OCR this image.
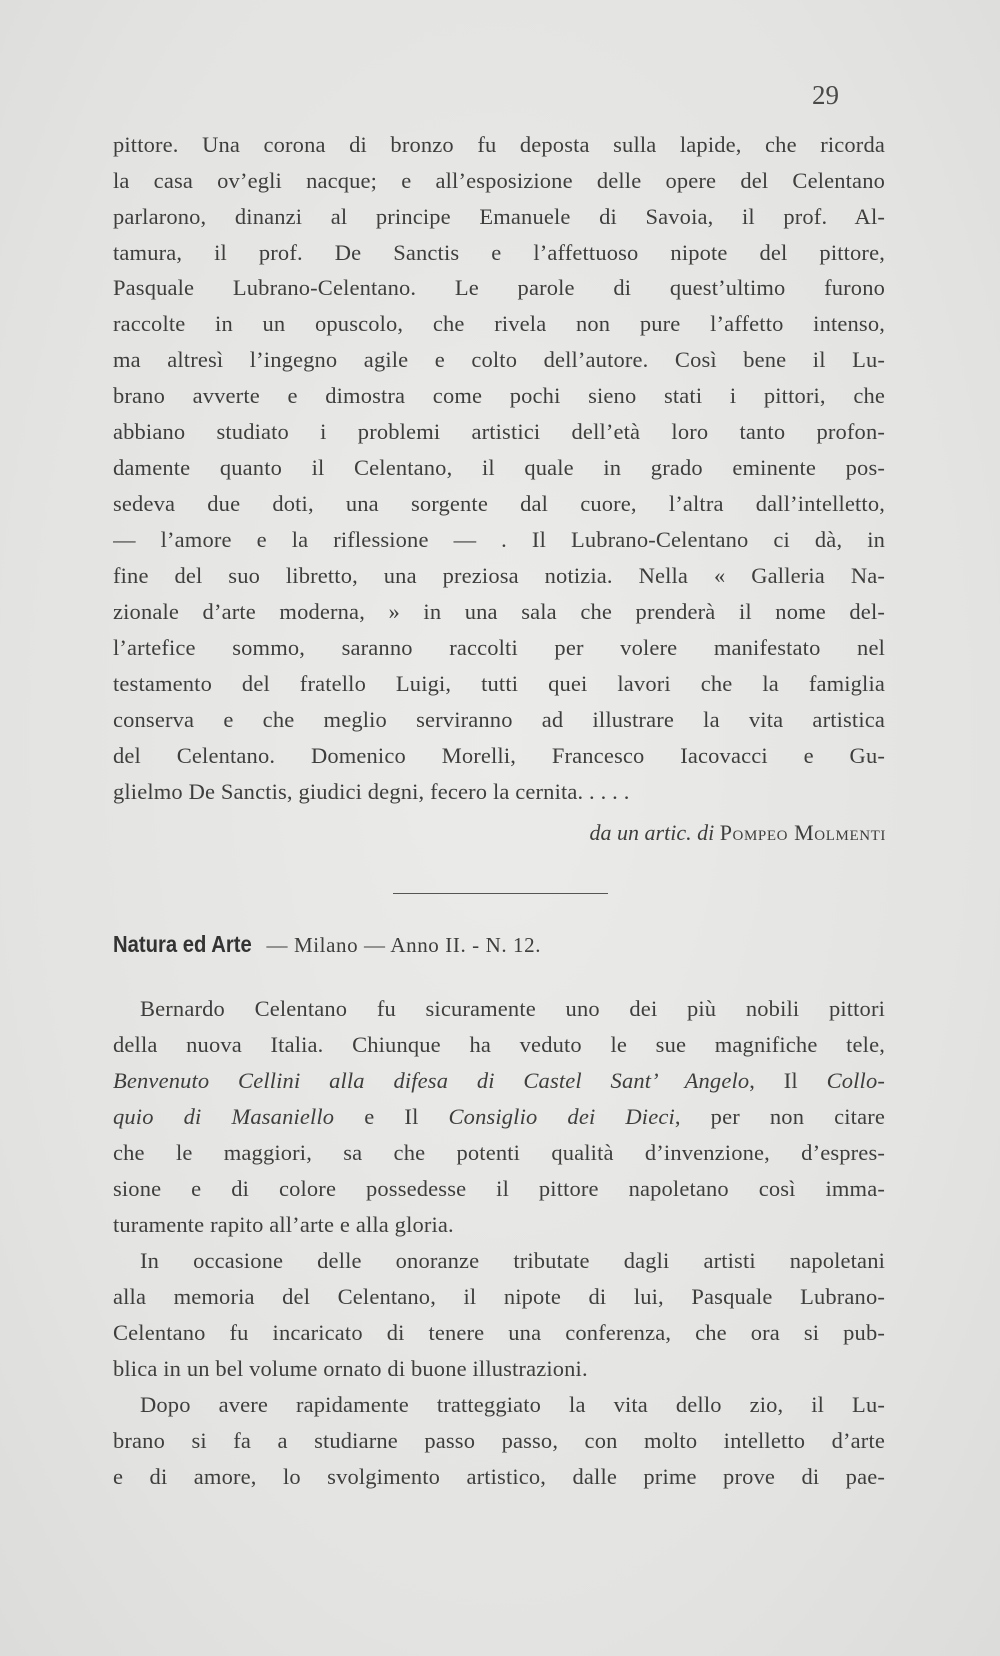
29
pittore. Una corona di bronzo fu deposta sulla lapide, che ricorda
la casa ov’egli nacque; e all’esposizione delle opere del Celentano
parlarono, dinanzi al principe Emanuele di Savoia, il prof. Al-
tamura, il prof. De Sanctis e l’affettuoso nipote del pittore,
Pasquale Lubrano-Celentano. Le parole di quest’ultimo furono
raccolte in un opuscolo, che rivela non pure l’affetto intenso,
ma altresì l’ingegno agile e colto dell’autore. Così bene il Lu-
brano avverte e dimostra come pochi sieno stati i pittori, che
abbiano studiato i problemi artistici dell’età loro tanto profon-
damente quanto il Celentano, il quale in grado eminente pos-
sedeva due doti, una sorgente dal cuore, l’altra dall’intelletto,
— l’amore e la riflessione — . Il Lubrano-Celentano ci dà, in
fine del suo libretto, una preziosa notizia. Nella « Galleria Na-
zionale d’arte moderna, » in una sala che prenderà il nome del-
l’artefice sommo, saranno raccolti per volere manifestato nel
testamento del fratello Luigi, tutti quei lavori che la famiglia
conserva e che meglio serviranno ad illustrare la vita artistica
del Celentano. Domenico Morelli, Francesco Iacovacci e Gu-
glielmo De Sanctis, giudici degni, fecero la cernita. . . . .
da un artic. di Pompeo Molmenti
Natura ed Arte — Milano — Anno II. - N. 12.
Bernardo Celentano fu sicuramente uno dei più nobili pittori
della nuova Italia. Chiunque ha veduto le sue magnifiche tele,
Benvenuto Cellini alla difesa di Castel Sant’ Angelo, Il Collo-
quio di Masaniello e Il Consiglio dei Dieci, per non citare
che le maggiori, sa che potenti qualità d’invenzione, d’espres-
sione e di colore possedesse il pittore napoletano così imma-
turamente rapito all’arte e alla gloria.
In occasione delle onoranze tributate dagli artisti napoletani
alla memoria del Celentano, il nipote di lui, Pasquale Lubrano-
Celentano fu incaricato di tenere una conferenza, che ora si pub-
blica in un bel volume ornato di buone illustrazioni.
Dopo avere rapidamente tratteggiato la vita dello zio, il Lu-
brano si fa a studiarne passo passo, con molto intelletto d’arte
e di amore, lo svolgimento artistico, dalle prime prove di pae-
